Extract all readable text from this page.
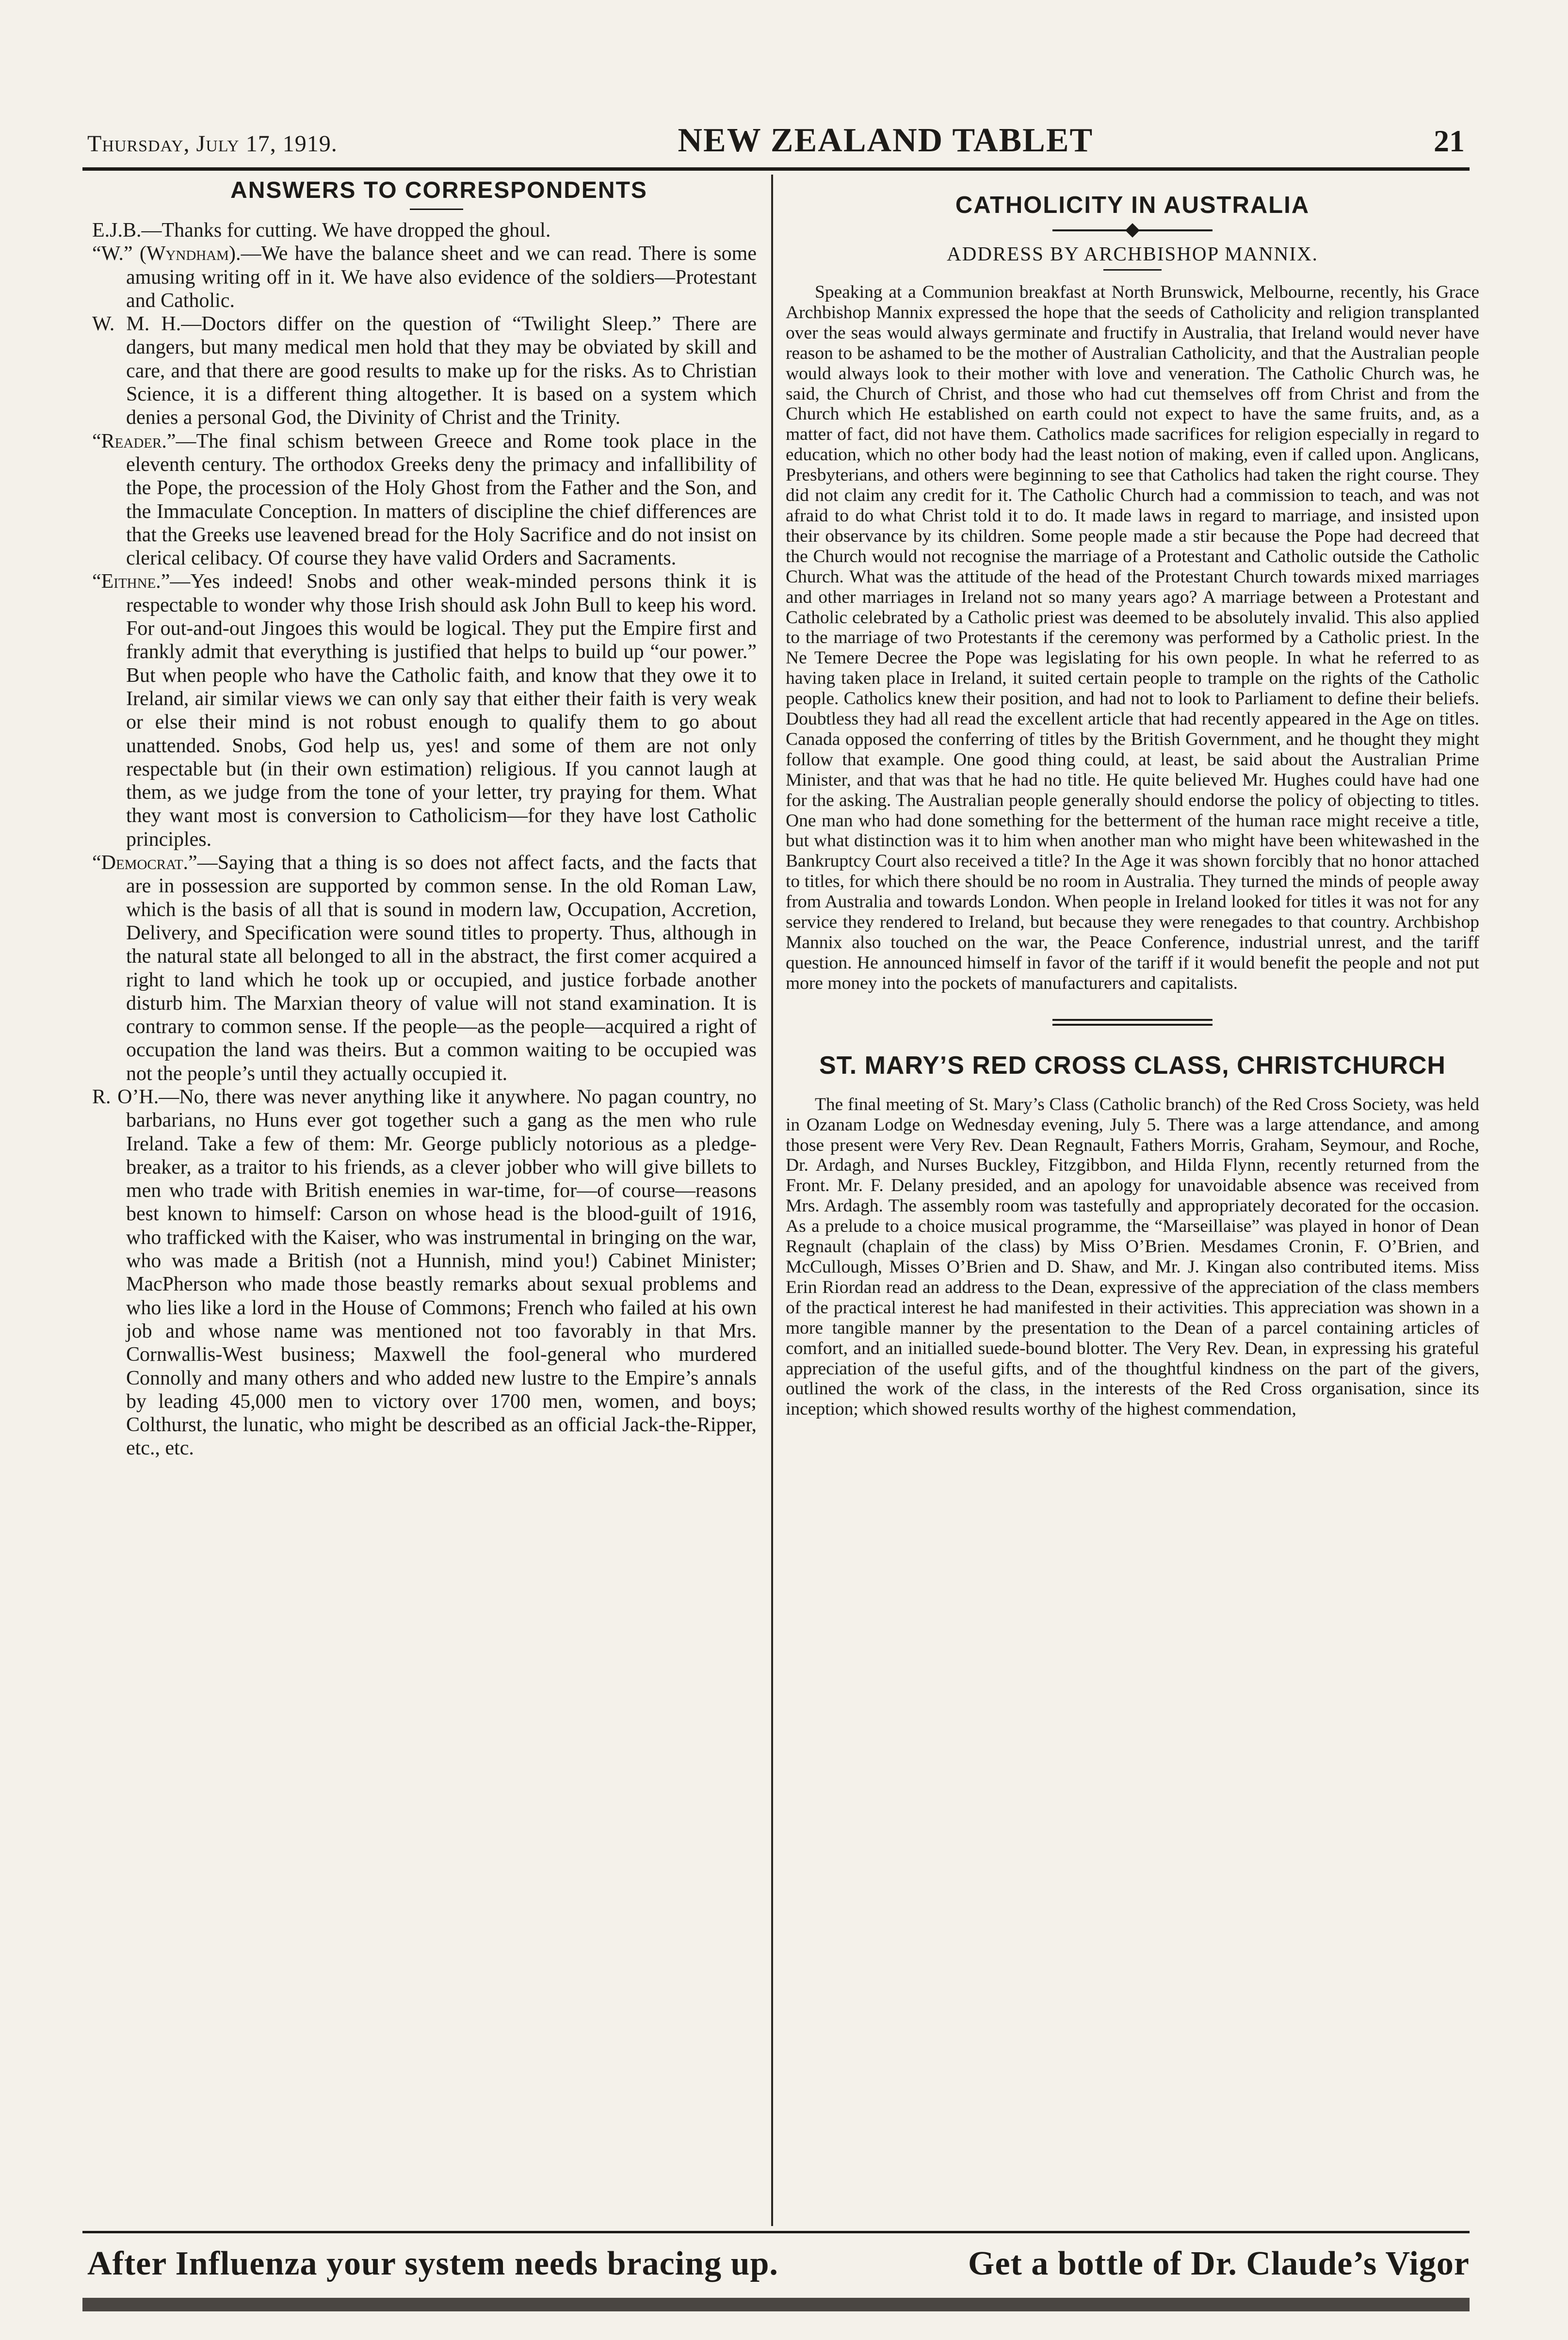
Thursday, July 17, 1919.	NEW ZEALAND TABLET	21
ANSWERS TO CORRESPONDENTS

E.J.B.—Thanks for cutting. We have dropped the ghoul.

“W.” (Wyndham).—We have the balance sheet and we can read. There is some amusing writing off in it. We have also evidence of the soldiers—Protestant and Catholic.

W. M. H.—Doctors differ on the question of “Twilight Sleep.” There are dangers, but many medical men hold that they may be obviated by skill and care, and that there are good results to make up for the risks. As to Christian Science, it is a different thing altogether. It is based on a system which denies a personal God, the Divinity of Christ and the Trinity.

“Reader.”—The final schism between Greece and Rome took place in the eleventh century. The orthodox Greeks deny the primacy and infallibility of the Pope, the procession of the Holy Ghost from the Father and the Son, and the Immaculate Conception. In matters of discipline the chief differences are that the Greeks use leavened bread for the Holy Sacrifice and do not insist on clerical celibacy. Of course they have valid Orders and Sacraments.

“Eithne.”—Yes indeed! Snobs and other weak-minded persons think it is respectable to wonder why those Irish should ask John Bull to keep his word. For out-and-out Jingoes this would be logical. They put the Empire first and frankly admit that everything is justified that helps to build up “our power.” But when people who have the Catholic faith, and know that they owe it to Ireland, air similar views we can only say that either their faith is very weak or else their mind is not robust enough to qualify them to go about unattended. Snobs, God help us, yes! and some of them are not only respectable but (in their own estimation) religious. If you cannot laugh at them, as we judge from the tone of your letter, try praying for them. What they want most is conversion to Catholicism—for they have lost Catholic principles.

“Democrat.”—Saying that a thing is so does not affect facts, and the facts that are in possession are supported by common sense. In the old Roman Law, which is the basis of all that is sound in modern law, Occupation, Accretion, Delivery, and Specification were sound titles to property. Thus, although in the natural state all belonged to all in the abstract, the first comer acquired a right to land which he took up or occupied, and justice forbade another disturb him. The Marxian theory of value will not stand examination. It is contrary to common sense. If the people—as the people—acquired a right of occupation the land was theirs. But a common waiting to be occupied was not the people’s until they actually occupied it.

R. O’H.—No, there was never anything like it anywhere. No pagan country, no barbarians, no Huns ever got together such a gang as the men who rule Ireland. Take a few of them: Mr. George publicly notorious as a pledge-breaker, as a traitor to his friends, as a clever jobber who will give billets to men who trade with British enemies in war-time, for—of course—reasons best known to himself: Carson on whose head is the blood-guilt of 1916, who trafficked with the Kaiser, who was instrumental in bringing on the war, who was made a British (not a Hunnish, mind you!) Cabinet Minister; MacPherson who made those beastly remarks about sexual problems and who lies like a lord in the House of Commons; French who failed at his own job and whose name was mentioned not too favorably in that Mrs. Cornwallis-West business; Maxwell the fool-general who murdered Connolly and many others and who added new lustre to the Empire’s annals by leading 45,000 men to victory over 1700 men, women, and boys; Colthurst, the lunatic, who might be described as an official Jack-the-Ripper, etc., etc.

CATHOLICITY IN AUSTRALIA
ADDRESS BY ARCHBISHOP MANNIX.

Speaking at a Communion breakfast at North Brunswick, Melbourne, recently, his Grace Archbishop Mannix expressed the hope that the seeds of Catholicity and religion transplanted over the seas would always germinate and fructify in Australia, that Ireland would never have reason to be ashamed to be the mother of Australian Catholicity, and that the Australian people would always look to their mother with love and veneration. The Catholic Church was, he said, the Church of Christ, and those who had cut themselves off from Christ and from the Church which He established on earth could not expect to have the same fruits, and, as a matter of fact, did not have them. Catholics made sacrifices for religion especially in regard to education, which no other body had the least notion of making, even if called upon. Anglicans, Presbyterians, and others were beginning to see that Catholics had taken the right course. They did not claim any credit for it. The Catholic Church had a commission to teach, and was not afraid to do what Christ told it to do. It made laws in regard to marriage, and insisted upon their observance by its children. Some people made a stir because the Pope had decreed that the Church would not recognise the marriage of a Protestant and Catholic outside the Catholic Church. What was the attitude of the head of the Protestant Church towards mixed marriages and other marriages in Ireland not so many years ago? A marriage between a Protestant and Catholic celebrated by a Catholic priest was deemed to be absolutely invalid. This also applied to the marriage of two Protestants if the ceremony was performed by a Catholic priest. In the Ne Temere Decree the Pope was legislating for his own people. In what he referred to as having taken place in Ireland, it suited certain people to trample on the rights of the Catholic people. Catholics knew their position, and had not to look to Parliament to define their beliefs. Doubtless they had all read the excellent article that had recently appeared in the Age on titles. Canada opposed the conferring of titles by the British Government, and he thought they might follow that example. One good thing could, at least, be said about the Australian Prime Minister, and that was that he had no title. He quite believed Mr. Hughes could have had one for the asking. The Australian people generally should endorse the policy of objecting to titles. One man who had done something for the betterment of the human race might receive a title, but what distinction was it to him when another man who might have been whitewashed in the Bankruptcy Court also received a title? In the Age it was shown forcibly that no honor attached to titles, for which there should be no room in Australia. They turned the minds of people away from Australia and towards London. When people in Ireland looked for titles it was not for any service they rendered to Ireland, but because they were renegades to that country. Archbishop Mannix also touched on the war, the Peace Conference, industrial unrest, and the tariff question. He announced himself in favor of the tariff if it would benefit the people and not put more money into the pockets of manufacturers and capitalists.

ST. MARY’S RED CROSS CLASS, CHRISTCHURCH

The final meeting of St. Mary’s Class (Catholic branch) of the Red Cross Society, was held in Ozanam Lodge on Wednesday evening, July 5. There was a large attendance, and among those present were Very Rev. Dean Regnault, Fathers Morris, Graham, Seymour, and Roche, Dr. Ardagh, and Nurses Buckley, Fitzgibbon, and Hilda Flynn, recently returned from the Front. Mr. F. Delany presided, and an apology for unavoidable absence was received from Mrs. Ardagh. The assembly room was tastefully and appropriately decorated for the occasion. As a prelude to a choice musical programme, the “Marseillaise” was played in honor of Dean Regnault (chaplain of the class) by Miss O’Brien. Mesdames Cronin, F. O’Brien, and McCullough, Misses O’Brien and D. Shaw, and Mr. J. Kingan also contributed items. Miss Erin Riordan read an address to the Dean, expressive of the appreciation of the class members of the practical interest he had manifested in their activities. This appreciation was shown in a more tangible manner by the presentation to the Dean of a parcel containing articles of comfort, and an initialled suede-bound blotter. The Very Rev. Dean, in expressing his grateful appreciation of the useful gifts, and of the thoughtful kindness on the part of the givers, outlined the work of the class, in the interests of the Red Cross organisation, since its inception; which showed results worthy of the highest commendation,

After Influenza your system needs bracing up.	Get a bottle of Dr. Claude’s Vigor
